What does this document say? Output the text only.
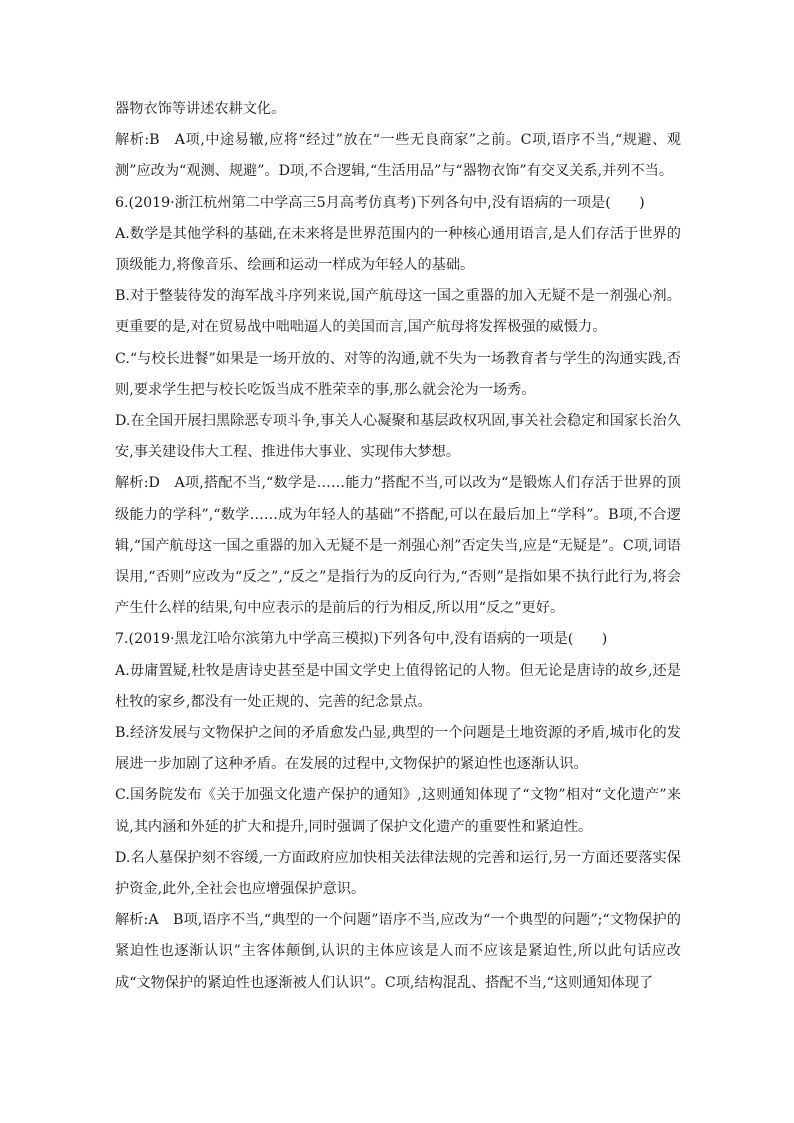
器物衣饰等讲述农耕文化。

解析:B　A项,中途易辙,应将“经过”放在“一些无良商家”之前。C项,语序不当,“规避、观测”应改为“观测、规避”。D项,不合逻辑,“生活用品”与“器物衣饰”有交叉关系,并列不当。

6.(2019·浙江杭州第二中学高三5月高考仿真考)下列各句中,没有语病的一项是(　　)

A.数学是其他学科的基础,在未来将是世界范围内的一种核心通用语言,是人们存活于世界的顶级能力,将像音乐、绘画和运动一样成为年轻人的基础。

B.对于整装待发的海军战斗序列来说,国产航母这一国之重器的加入无疑不是一剂强心剂。更重要的是,对在贸易战中咄咄逼人的美国而言,国产航母将发挥极强的威慑力。

C.“与校长进餐”如果是一场开放的、对等的沟通,就不失为一场教育者与学生的沟通实践,否则,要求学生把与校长吃饭当成不胜荣幸的事,那么就会沦为一场秀。

D.在全国开展扫黑除恶专项斗争,事关人心凝聚和基层政权巩固,事关社会稳定和国家长治久安,事关建设伟大工程、推进伟大事业、实现伟大梦想。

解析:D　A项,搭配不当,“数学是……能力”搭配不当,可以改为“是锻炼人们存活于世界的顶级能力的学科”,“数学……成为年轻人的基础”不搭配,可以在最后加上“学科”。B项,不合逻辑,“国产航母这一国之重器的加入无疑不是一剂强心剂”否定失当,应是“无疑是”。C项,词语误用,“否则”应改为“反之”,“反之”是指行为的反向行为,“否则”是指如果不执行此行为,将会产生什么样的结果,句中应表示的是前后的行为相反,所以用“反之”更好。

7.(2019·黑龙江哈尔滨第九中学高三模拟)下列各句中,没有语病的一项是(　　)

A.毋庸置疑,杜牧是唐诗史甚至是中国文学史上值得铭记的人物。但无论是唐诗的故乡,还是杜牧的家乡,都没有一处正规的、完善的纪念景点。

B.经济发展与文物保护之间的矛盾愈发凸显,典型的一个问题是土地资源的矛盾,城市化的发展进一步加剧了这种矛盾。在发展的过程中,文物保护的紧迫性也逐渐认识。

C.国务院发布《关于加强文化遗产保护的通知》,这则通知体现了“文物”相对“文化遗产”来说,其内涵和外延的扩大和提升,同时强调了保护文化遗产的重要性和紧迫性。

D.名人墓保护刻不容缓,一方面政府应加快相关法律法规的完善和运行,另一方面还要落实保护资金,此外,全社会也应增强保护意识。

解析:A　B项,语序不当,“典型的一个问题”语序不当,应改为“一个典型的问题”;“文物保护的紧迫性也逐渐认识”主客体颠倒,认识的主体应该是人而不应该是紧迫性,所以此句话应改成“文物保护的紧迫性也逐渐被人们认识”。C项,结构混乱、搭配不当,“这则通知体现了
